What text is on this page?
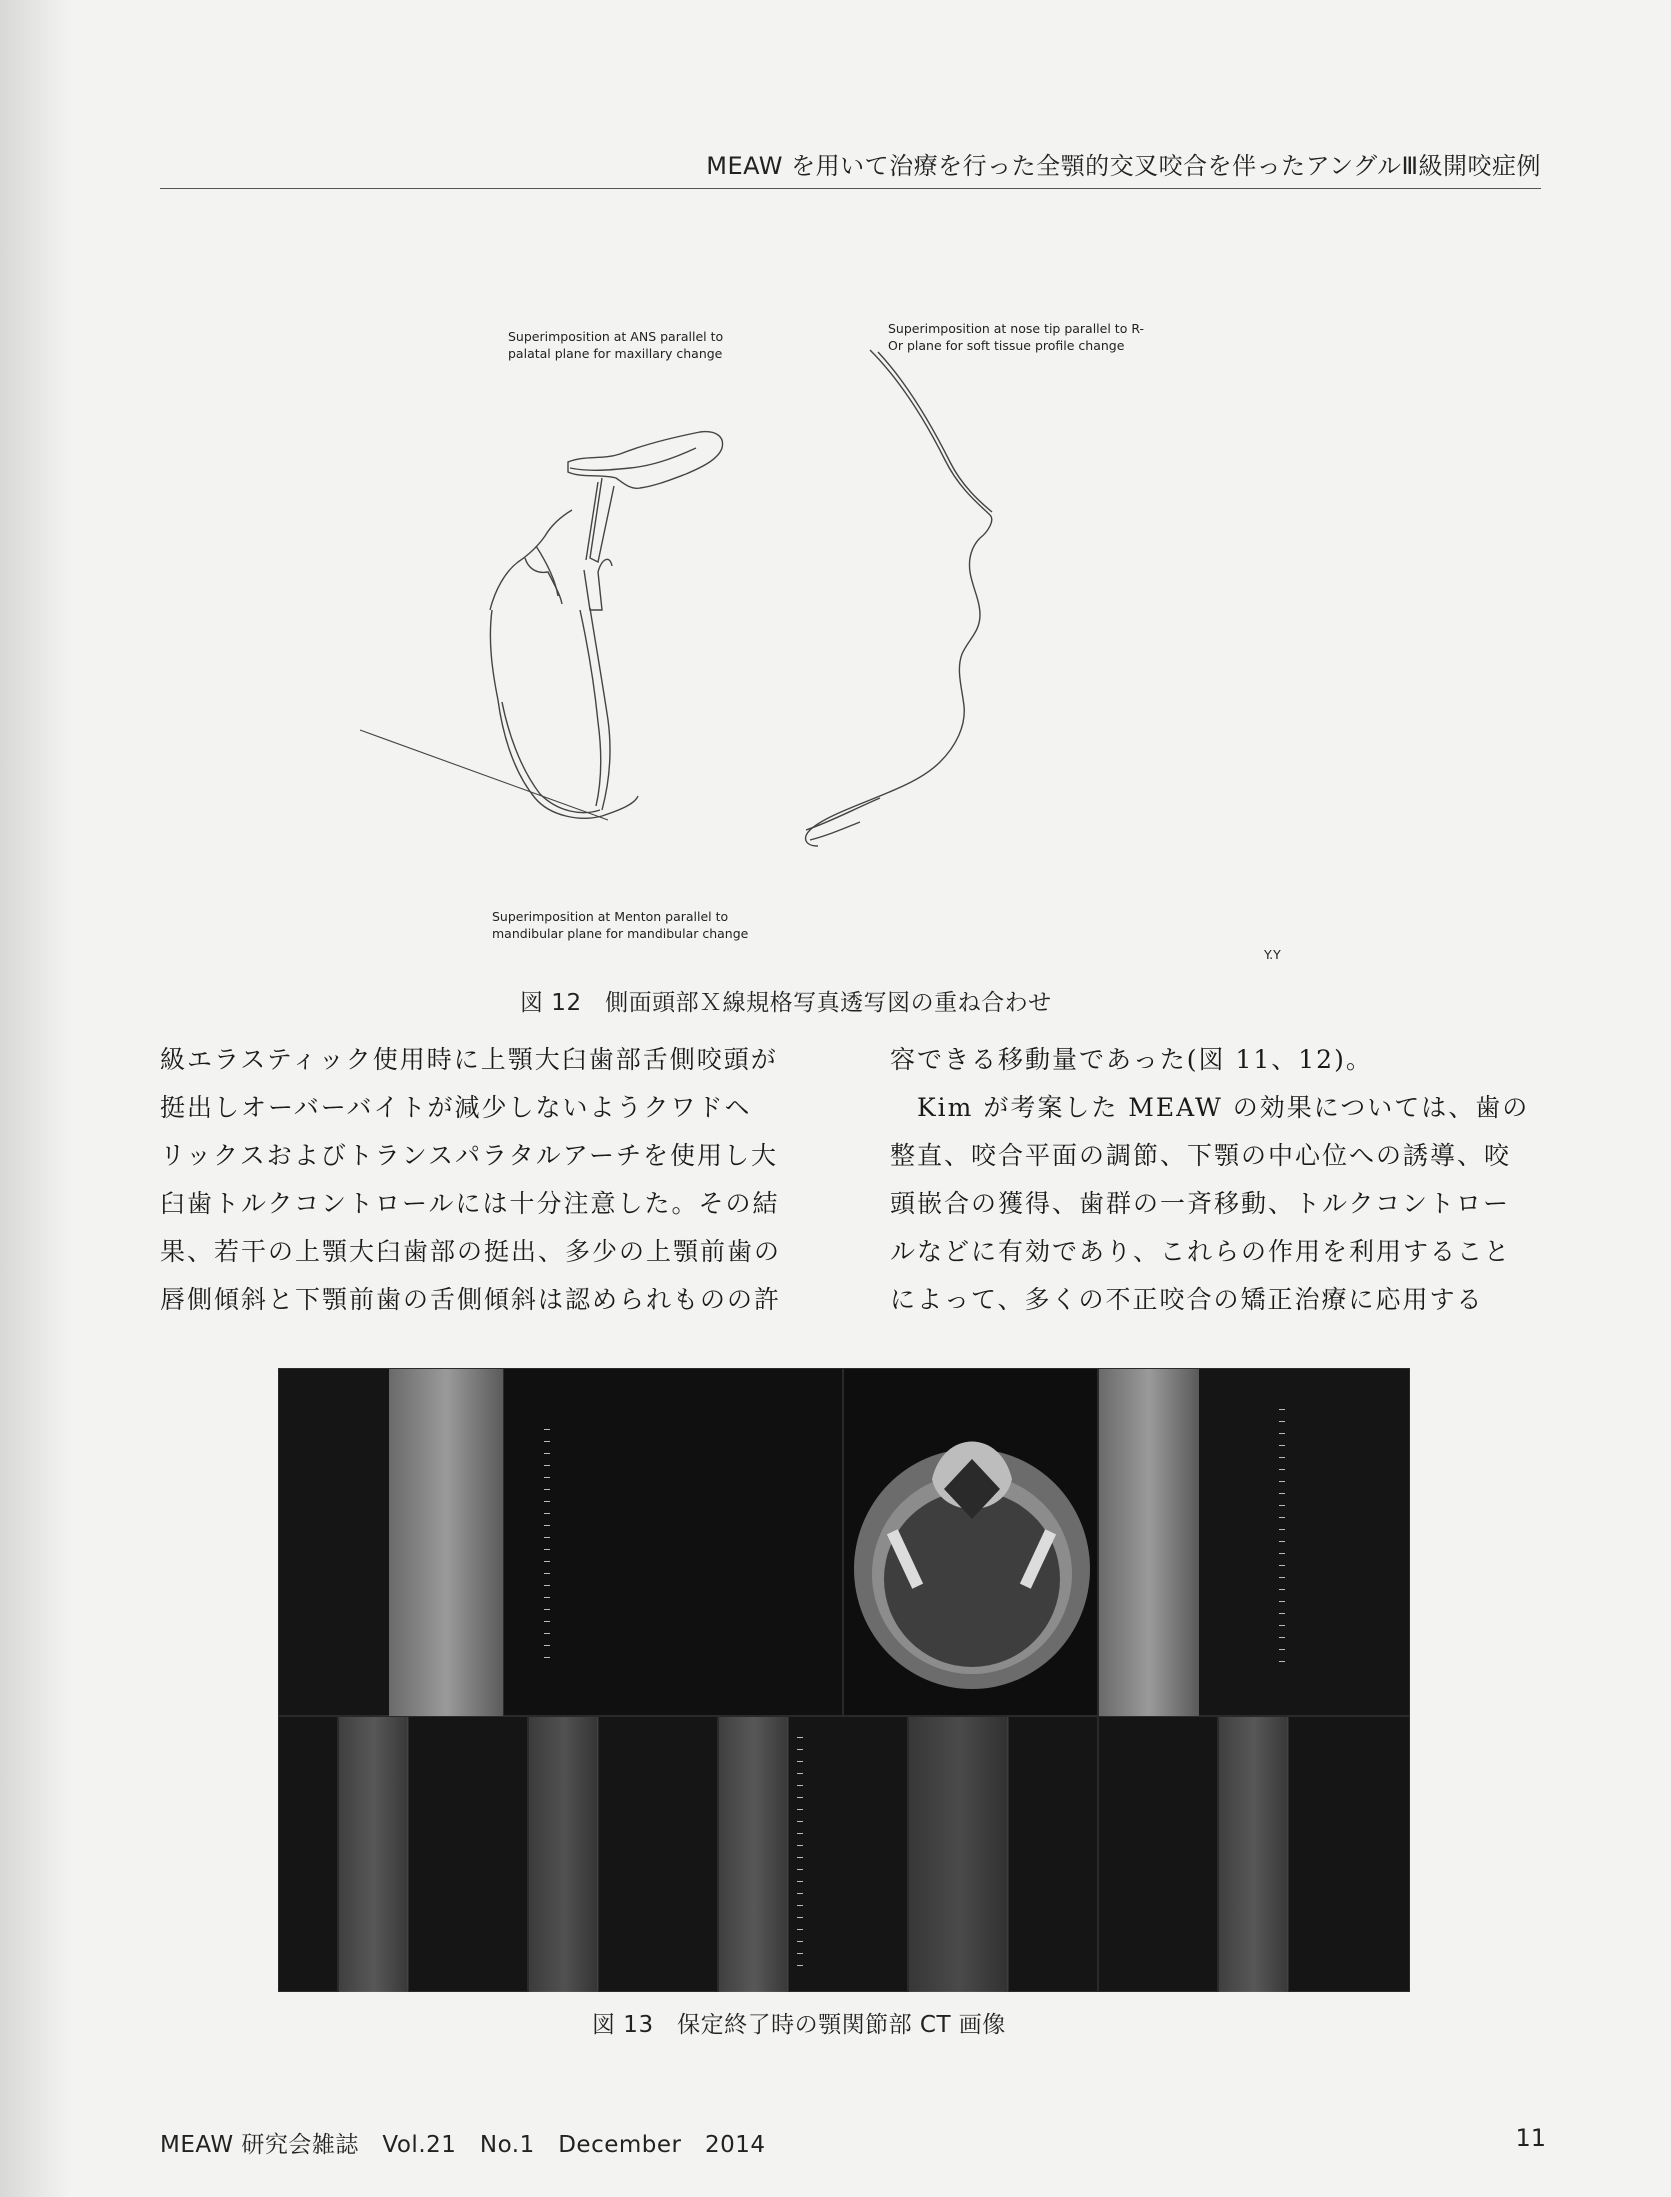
MEAW を用いて治療を行った全顎的交叉咬合を伴ったアングルⅢ級開咬症例
Superimposition at ANS parallel to palatal plane for maxillary change
Superimposition at nose tip parallel to R-Or plane for soft tissue profile change
Superimposition at Menton parallel to mandibular plane for mandibular change
Y.Y
図 12　側面頭部Ｘ線規格写真透写図の重ね合わせ

級エラスティック使用時に上顎大臼歯部舌側咬頭が

挺出しオーバーバイトが減少しないようクワドヘ

リックスおよびトランスパラタルアーチを使用し大

臼歯トルクコントロールには十分注意した。その結

果、若干の上顎大臼歯部の挺出、多少の上顎前歯の

唇側傾斜と下顎前歯の舌側傾斜は認められものの許

容できる移動量であった(図 11、12)。

　Kim が考案した MEAW の効果については、歯の

整直、咬合平面の調節、下顎の中心位への誘導、咬

頭嵌合の獲得、歯群の一斉移動、トルクコントロー

ルなどに有効であり、これらの作用を利用すること

によって、多くの不正咬合の矯正治療に応用する

図 13　保定終了時の顎関節部 CT 画像
MEAW 研究会雑誌　Vol.21　No.1　December　2014	11
